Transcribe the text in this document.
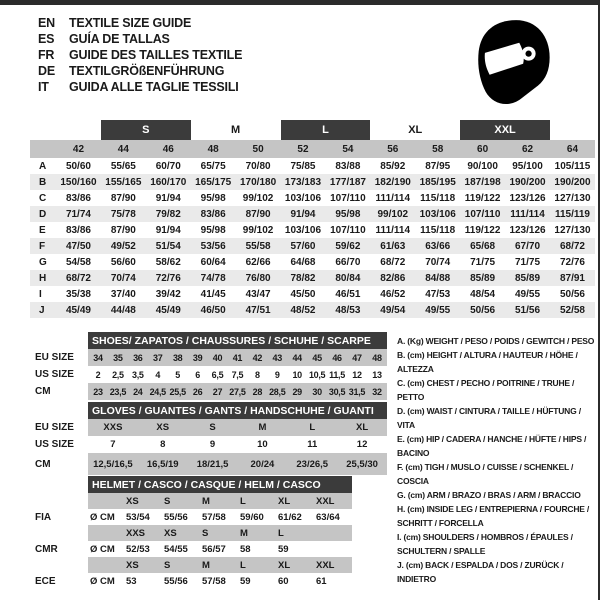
EN	TEXTILE SIZE GUIDE
ES	GUÍA DE TALLAS
FR	GUIDE DES TAILLES TEXTILE
DE	TEXTILGRÖßENFÜHRUNG
IT	GUIDA ALLE TAGLIE TESSILI
		S		M		L		XL		XXL		
	42	44	46	48	50	52	54	56	58	60	62	64
A	50/60	55/65	60/70	65/75	70/80	75/85	83/88	85/92	87/95	90/100	95/100	105/115
B	150/160	155/165	160/170	165/175	170/180	173/183	177/187	182/190	185/195	187/198	190/200	190/200
C	83/86	87/90	91/94	95/98	99/102	103/106	107/110	111/114	115/118	119/122	123/126	127/130
D	71/74	75/78	79/82	83/86	87/90	91/94	95/98	99/102	103/106	107/110	111/114	115/119
E	83/86	87/90	91/94	95/98	99/102	103/106	107/110	111/114	115/118	119/122	123/126	127/130
F	47/50	49/52	51/54	53/56	55/58	57/60	59/62	61/63	63/66	65/68	67/70	68/72
G	54/58	56/60	58/62	60/64	62/66	64/68	66/70	68/72	70/74	71/75	71/75	72/76
H	68/72	70/74	72/76	74/78	76/80	78/82	80/84	82/86	84/88	85/89	85/89	87/91
I	35/38	37/40	39/42	41/45	43/47	45/50	46/51	46/52	47/53	48/54	49/55	50/56
J	45/49	44/48	45/49	46/50	47/51	48/52	48/53	49/54	49/55	50/56	51/56	52/58
	SHOES/ ZAPATOS / CHAUSSURES / SCHUHE / SCARPE														
EU SIZE	34	35	36	37	38	39	40	41	42	43	44	45	46	47	48
US SIZE	2	2,5	3,5	4	5	6	6,5	7,5	8	9	10	10,5	11,5	12	13
CM	23	23,5	24	24,5	25,5	26	27	27,5	28	28,5	29	30	30,5	31,5	32
	GLOVES / GUANTES / GANTS / HANDSCHUHE / GUANTI					
EU SIZE	XXS	XS	S	M	L	XL
US SIZE	7	8	9	10	11	12
CM	12,5/16,5	16,5/19	18/21,5	20/24	23/26,5	25,5/30
	HELMET / CASCO / CASQUE / HELM / CASCO						
		XS	S	M	L	XL	XXL
FIA	Ø CM	53/54	55/56	57/58	59/60	61/62	63/64
		XXS	XS	S	M	L	
CMR	Ø CM	52/53	54/55	56/57	58	59	
		XS	S	M	L	XL	XXL
ECE	Ø CM	53	55/56	57/58	59	60	61

A. (Kg) WEIGHT / PESO / POIDS / GEWITCH / PESO

B. (cm) HEIGHT / ALTURA / HAUTEUR / HÖHE / ALTEZZA

C. (cm) CHEST / PECHO / POITRINE / TRUHE / PETTO

D. (cm) WAIST / CINTURA / TAILLE / HÜFTUNG / VITA

E. (cm) HIP / CADERA / HANCHE / HÜFTE / HIPS / BACINO

F. (cm) TIGH / MUSLO / CUISSE / SCHENKEL / COSCIA

G. (cm) ARM / BRAZO / BRAS / ARM / BRACCIO

H. (cm) INSIDE LEG / ENTREPIERNA / FOURCHE / SCHRITT / FORCELLA

I. (cm) SHOULDERS / HOMBROS / ÉPAULES / SCHULTERN / SPALLE

J. (cm) BACK / ESPALDA / DOS / ZURÜCK / INDIETRO
